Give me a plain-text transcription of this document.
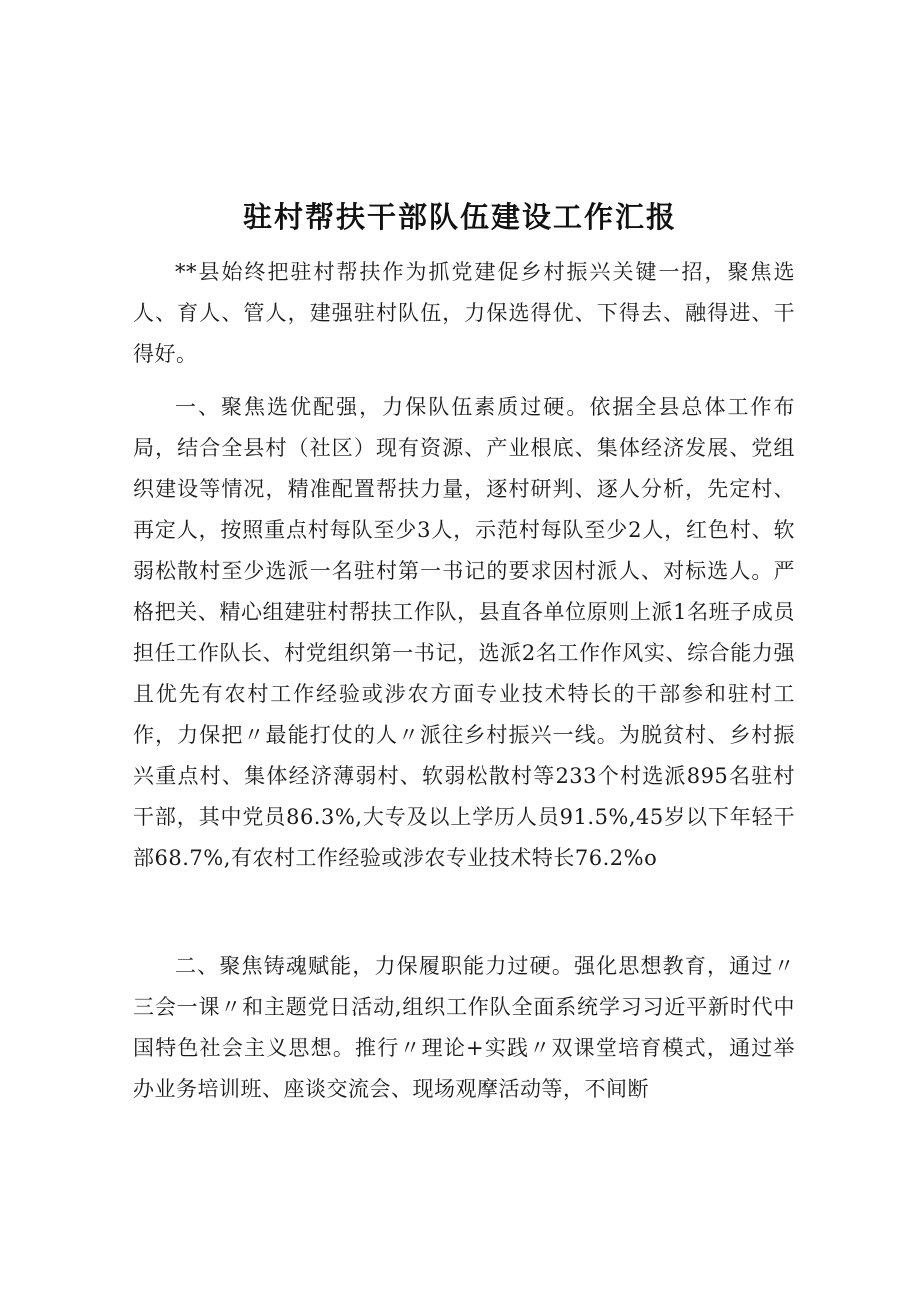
驻村帮扶干部队伍建设工作汇报

**县始终把驻村帮扶作为抓党建促乡村振兴关键一招，聚焦选人、育人、管人，建强驻村队伍，力保选得优、下得去、融得进、干得好。

一、聚焦选优配强，力保队伍素质过硬。依据全县总体工作布局，结合全县村（社区）现有资源、产业根底、集体经济发展、党组织建设等情况，精准配置帮扶力量，逐村研判、逐人分析，先定村、再定人，按照重点村每队至少3人，示范村每队至少2人，红色村、软弱松散村至少选派一名驻村第一书记的要求因村派人、对标选人。严格把关、精心组建驻村帮扶工作队，县直各单位原则上派1名班子成员担任工作队长、村党组织第一书记，选派2名工作作风实、综合能力强且优先有农村工作经验或涉农方面专业技术特长的干部参和驻村工作，力保把〃最能打仗的人〃派往乡村振兴一线。为脱贫村、乡村振兴重点村、集体经济薄弱村、软弱松散村等233个村选派895名驻村干部，其中党员86.3%,大专及以上学历人员91.5%,45岁以下年轻干部68.7%,有农村工作经验或涉农专业技术特长76.2%o

二、聚焦铸魂赋能，力保履职能力过硬。强化思想教育，通过〃三会一课〃和主题党日活动,组织工作队全面系统学习习近平新时代中国特色社会主义思想。推行〃理论+实践〃双课堂培育模式，通过举办业务培训班、座谈交流会、现场观摩活动等，不间断
